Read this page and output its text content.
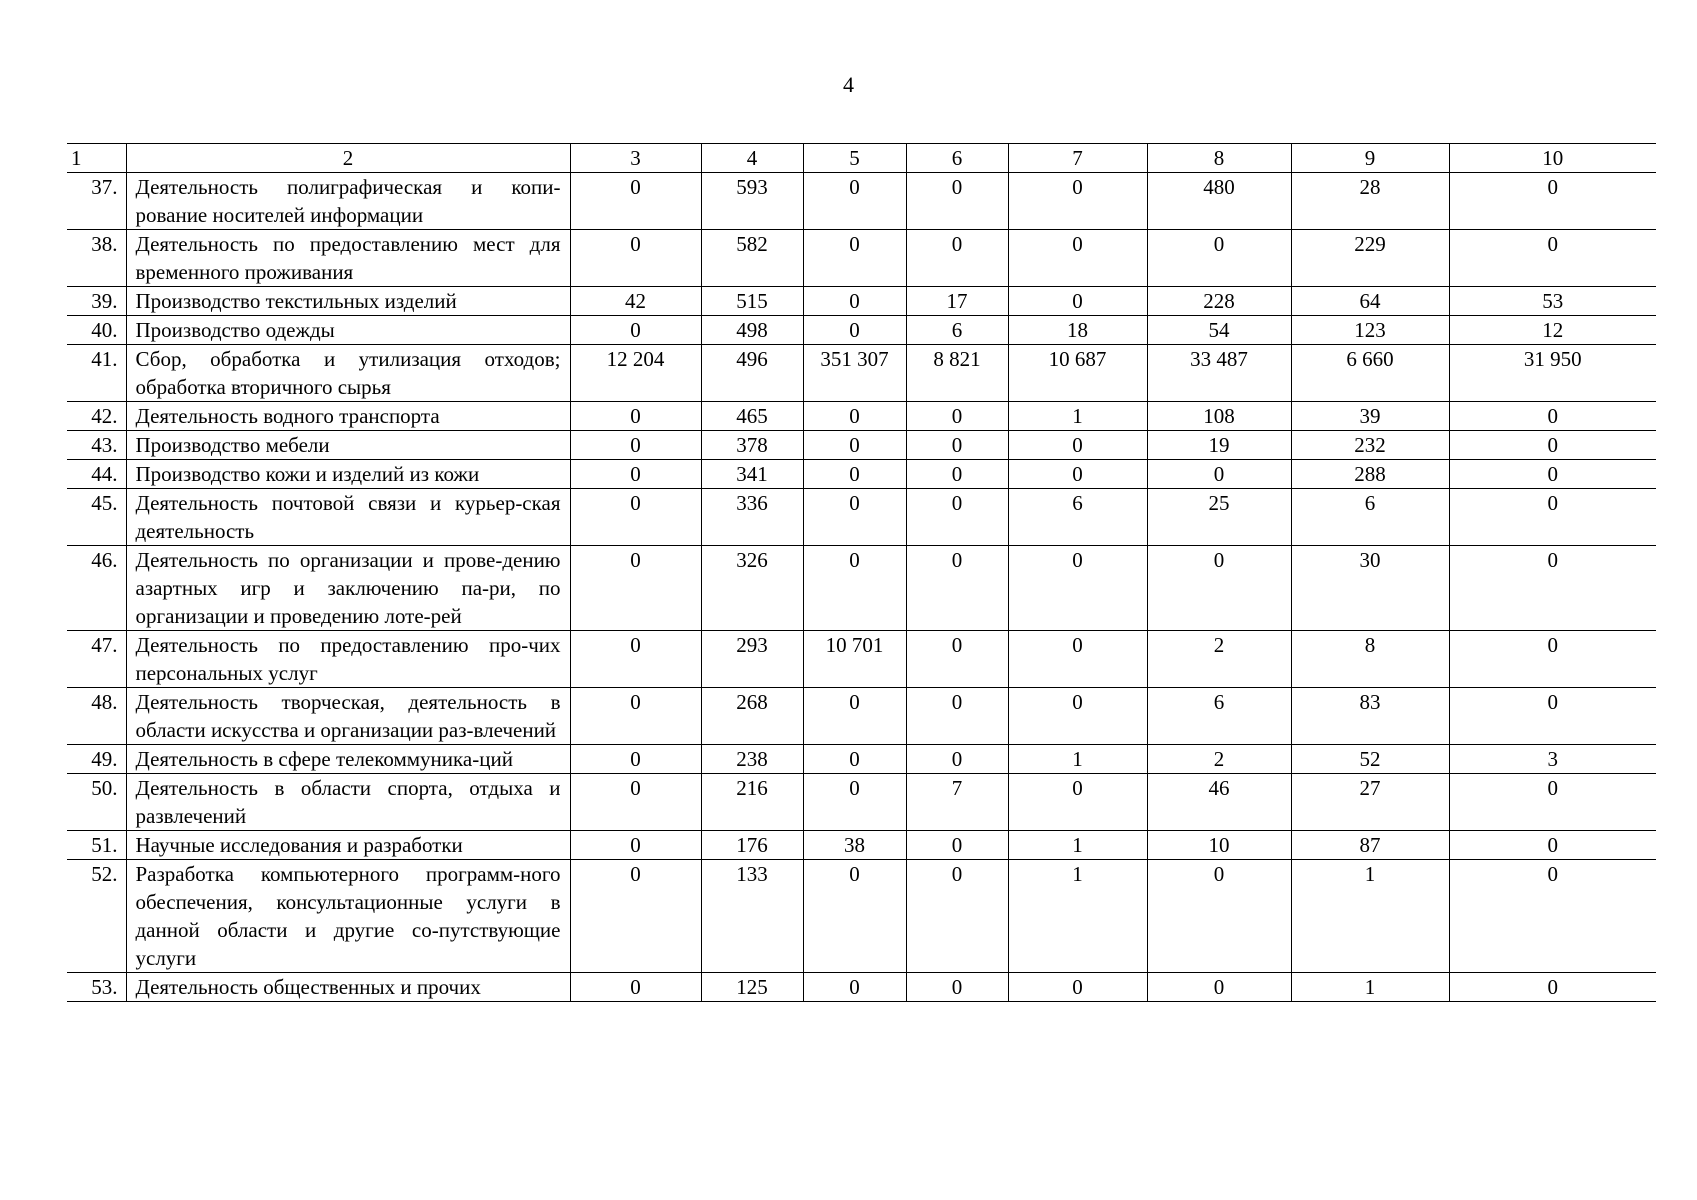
4
1	2	3	4	5	6	7	8	9	10
37.	Деятельность полиграфическая и копи-рование носителей информации	0	593	0	0	0	480	28	0
38.	Деятельность по предоставлению мест для временного проживания	0	582	0	0	0	0	229	0
39.	Производство текстильных изделий	42	515	0	17	0	228	64	53
40.	Производство одежды	0	498	0	6	18	54	123	12
41.	Сбор, обработка и утилизация отходов; обработка вторичного сырья	12 204	496	351 307	8 821	10 687	33 487	6 660	31 950
42.	Деятельность водного транспорта	0	465	0	0	1	108	39	0
43.	Производство мебели	0	378	0	0	0	19	232	0
44.	Производство кожи и изделий из кожи	0	341	0	0	0	0	288	0
45.	Деятельность почтовой связи и курьер-ская деятельность	0	336	0	0	6	25	6	0
46.	Деятельность по организации и прове-дению азартных игр и заключению па-ри, по организации и проведению лоте-рей	0	326	0	0	0	0	30	0
47.	Деятельность по предоставлению про-чих персональных услуг	0	293	10 701	0	0	2	8	0
48.	Деятельность творческая, деятельность в области искусства и организации раз-влечений	0	268	0	0	0	6	83	0
49.	Деятельность в сфере телекоммуника-ций	0	238	0	0	1	2	52	3
50.	Деятельность в области спорта, отдыха и развлечений	0	216	0	7	0	46	27	0
51.	Научные исследования и разработки	0	176	38	0	1	10	87	0
52.	Разработка компьютерного программ-ного обеспечения, консультационные услуги в данной области и другие со-путствующие услуги	0	133	0	0	1	0	1	0
53.	Деятельность общественных и прочих	0	125	0	0	0	0	1	0
